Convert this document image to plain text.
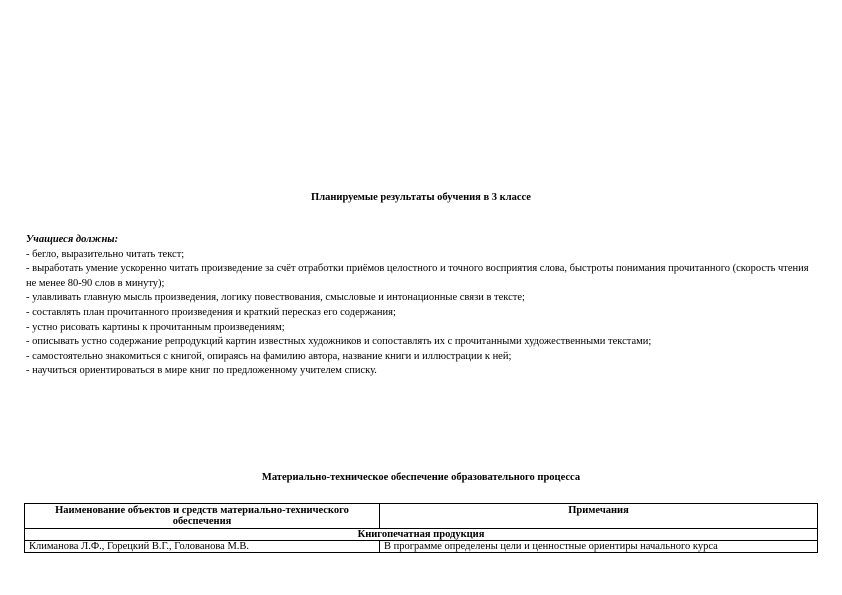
Планируемые результаты обучения в 3 классе
Учащиеся должны:
- бегло, выразительно читать текст;
- выработать умение ускоренно читать произведение за счёт отработки приёмов целостного и точного восприятия слова, быстроты понимания прочитанного (скорость чтения не менее 80-90 слов в минуту);
- улавливать главную мысль произведения, логику повествования, смысловые и интонационные связи в тексте;
- составлять план прочитанного произведения и краткий пересказ его содержания;
- устно рисовать картины к прочитанным произведениям;
- описывать устно содержание репродукций картин известных художников и сопоставлять их с прочитанными художественными текстами;
- самостоятельно знакомиться с книгой, опираясь на фамилию автора, название книги и иллюстрации к ней;
- научиться ориентироваться в мире книг по предложенному учителем списку.
Материально-техническое обеспечение образовательного процесса
Наименование объектов и средств материально-технического обеспечения	Примечания
Книгопечатная продукция	
Климанова Л.Ф., Горецкий В.Г., Голованова М.В.	В программе определены цели и ценностные ориентиры начального курса
